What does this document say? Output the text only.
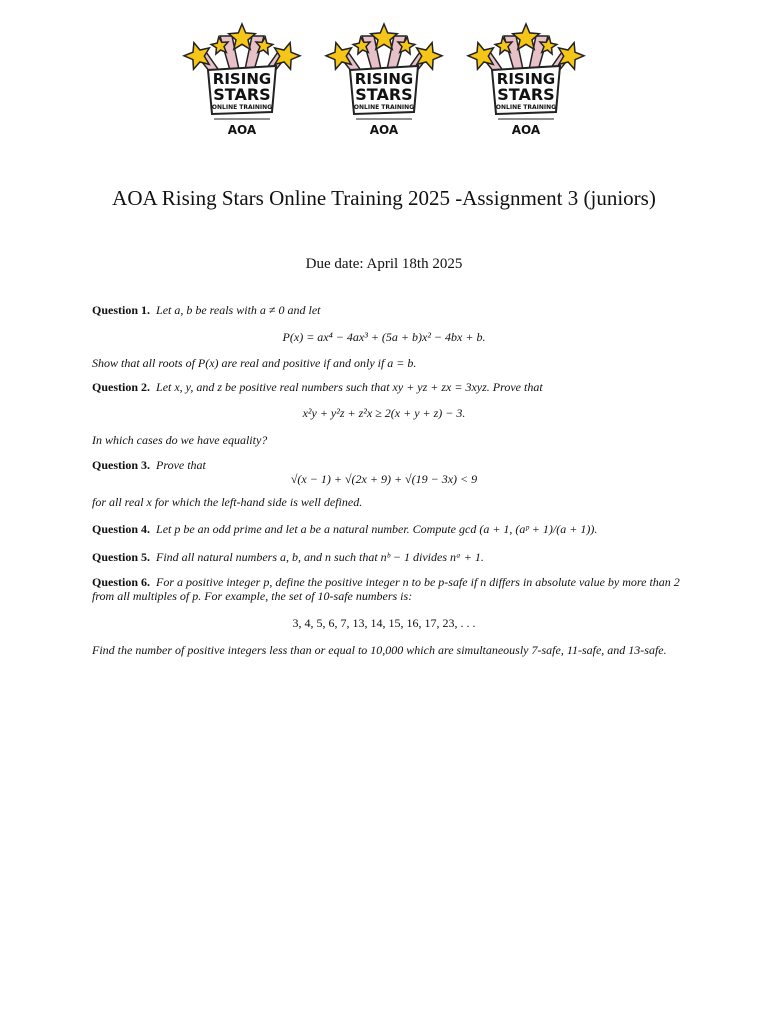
RISING
STARS
ONLINE TRAINING
AOA
RISING
STARS
ONLINE TRAINING
AOA
RISING
STARS
ONLINE TRAINING
AOA
AOA Rising Stars Online Training 2025 -Assignment 3 (juniors)
Due date: April 18th 2025
Question 1. Let a, b be reals with a ≠ 0 and let
P(x) = ax⁴ − 4ax³ + (5a + b)x² − 4bx + b.
Show that all roots of P(x) are real and positive if and only if a = b.
Question 2. Let x, y, and z be positive real numbers such that xy + yz + zx = 3xyz. Prove that
x²y + y²z + z²x ≥ 2(x + y + z) − 3.
In which cases do we have equality?
Question 3. Prove that
√(x − 1) + √(2x + 9) + √(19 − 3x) < 9
for all real x for which the left-hand side is well defined.
Question 4. Let p be an odd prime and let a be a natural number. Compute gcd (a + 1, (aᵖ + 1)/(a + 1)).
Question 5. Find all natural numbers a, b, and n such that nᵇ − 1 divides nᵃ + 1.
Question 6. For a positive integer p, define the positive integer n to be p-safe if n differs in absolute value by more than 2 from all multiples of p. For example, the set of 10-safe numbers is:
3, 4, 5, 6, 7, 13, 14, 15, 16, 17, 23, . . .
Find the number of positive integers less than or equal to 10,000 which are simultaneously 7-safe, 11-safe, and 13-safe.
